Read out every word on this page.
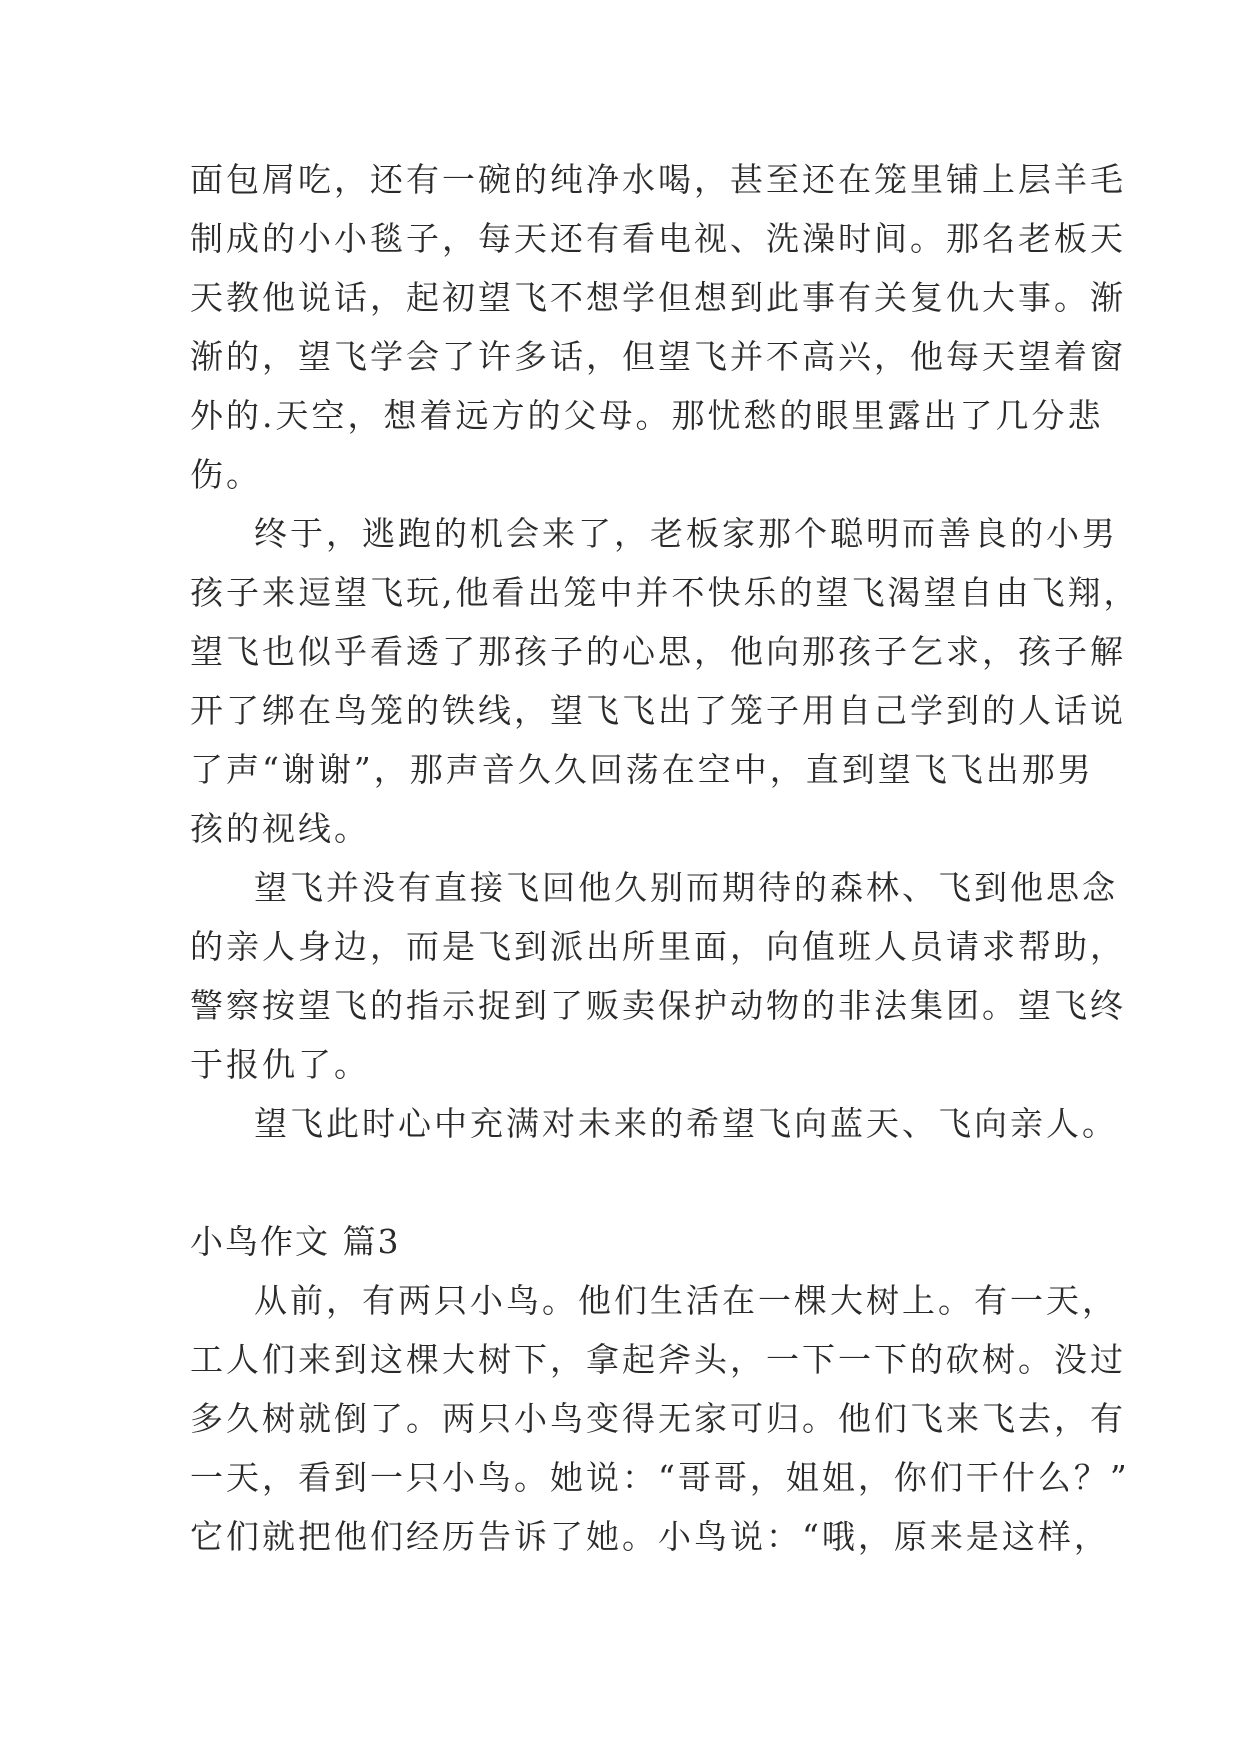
面包屑吃，还有一碗的纯净水喝，甚至还在笼里铺上层羊毛
制成的小小毯子，每天还有看电视、洗澡时间。那名老板天
天教他说话，起初望飞不想学但想到此事有关复仇大事。渐
渐的，望飞学会了许多话，但望飞并不高兴，他每天望着窗
外的.天空，想着远方的父母。那忧愁的眼里露出了几分悲
伤。
终于，逃跑的机会来了，老板家那个聪明而善良的小男
孩子来逗望飞玩,他看出笼中并不快乐的望飞渴望自由飞翔，
望飞也似乎看透了那孩子的心思，他向那孩子乞求，孩子解
开了绑在鸟笼的铁线，望飞飞出了笼子用自己学到的人话说
了声“谢谢”，那声音久久回荡在空中，直到望飞飞出那男
孩的视线。
望飞并没有直接飞回他久别而期待的森林、飞到他思念
的亲人身边，而是飞到派出所里面，向值班人员请求帮助，
警察按望飞的指示捉到了贩卖保护动物的非法集团。望飞终
于报仇了。
望飞此时心中充满对未来的希望飞向蓝天、飞向亲人。
小鸟作文 篇3
从前，有两只小鸟。他们生活在一棵大树上。有一天，
工人们来到这棵大树下，拿起斧头，一下一下的砍树。没过
多久树就倒了。两只小鸟变得无家可归。他们飞来飞去，有
一天，看到一只小鸟。她说：“哥哥，姐姐，你们干什么？”
它们就把他们经历告诉了她。小鸟说：“哦，原来是这样，
